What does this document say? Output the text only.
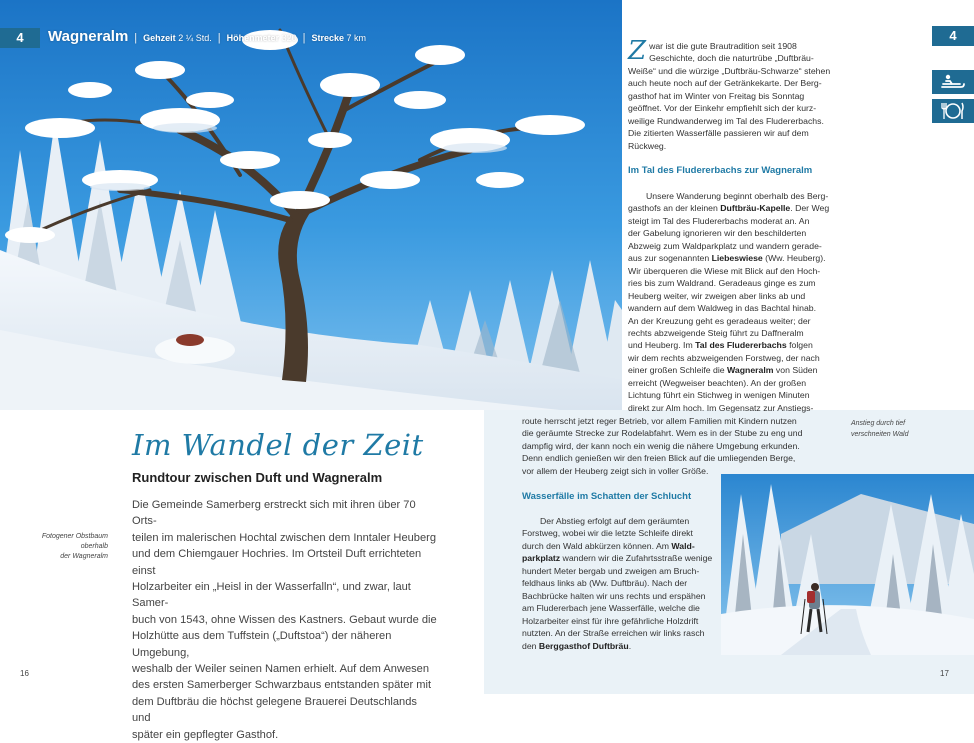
4	Wagneralm | Gehzeit 2 ¼ Std. | Höhenmeter 320 | Strecke 7 km	4
Im Wandel der Zeit
Rundtour zwischen Duft und Wagneralm
Die Gemeinde Samerberg erstreckt sich mit ihren über 70 Orts-
teilen im malerischen Hochtal zwischen dem Inntaler Heuberg
und dem Chiemgauer Hochries. Im Ortsteil Duft errichteten einst
Holzarbeiter ein „Heisl in der Wasserfalln“, und zwar, laut Samer-
buch von 1543, ohne Wissen des Kastners. Gebaut wurde die
Holzhütte aus dem Tuffstein („Duftstoa“) der näheren Umgebung,
weshalb der Weiler seinen Namen erhielt. Auf dem Anwesen
des ersten Samerberger Schwarzbaus entstanden später mit
dem Duftbräu die höchst gelegene Brauerei Deutschlands und
später ein gepflegter Gasthof.
Fotogener Obstbaum
oberhalb
der Wagneralm
16
Z war ist die gute Brautradition seit 1908
Geschichte, doch die naturtrübe „Duftbräu-
Weiße“ und die würzige „Duftbräu-Schwarze“ stehen
auch heute noch auf der Getränkekarte. Der Berg-
gasthof hat im Winter von Freitag bis Sonntag
geöffnet. Vor der Einkehr empfiehlt sich der kurz-
weilige Rundwanderweg im Tal des Fludererbachs.
Die zitierten Wasserfälle passieren wir auf dem
Rückweg.
Im Tal des Fludererbachs zur Wagneralm
Unsere Wanderung beginnt oberhalb des Berg-
gasthofs an der kleinen Duftbräu-Kapelle. Der Weg
steigt im Tal des Fludererbachs moderat an. An
der Gabelung ignorieren wir den beschilderten
Abzweig zum Waldparkplatz und wandern gerade-
aus zur sogenannten Liebeswiese (Ww. Heuberg).
Wir überqueren die Wiese mit Blick auf den Hoch-
ries bis zum Waldrand. Geradeaus ginge es zum
Heuberg weiter, wir zweigen aber links ab und
wandern auf dem Waldweg in das Bachtal hinab.
An der Kreuzung geht es geradeaus weiter; der
rechts abzweigende Steig führt zu Daffneralm
und Heuberg. Im Tal des Fludererbachs folgen
wir dem rechts abzweigenden Forstweg, der nach
einer großen Schleife die Wagneralm von Süden
erreicht (Wegweiser beachten). An der großen
Lichtung führt ein Stichweg in wenigen Minuten
direkt zur Alm hoch. Im Gegensatz zur Anstiegs-
route herrscht jetzt reger Betrieb, vor allem Familien mit Kindern nutzen
die geräumte Strecke zur Rodelabfahrt. Wem es in der Stube zu eng und
dampfig wird, der kann noch ein wenig die nähere Umgebung erkunden.
Denn endlich genießen wir den freien Blick auf die umliegenden Berge,
vor allem der Heuberg zeigt sich in voller Größe.
Anstieg durch tief
verschneiten Wald
Wasserfälle im Schatten der Schlucht
Der Abstieg erfolgt auf dem geräumten
Forstweg, wobei wir die letzte Schleife direkt
durch den Wald abkürzen können. Am Wald-
parkplatz wandern wir die Zufahrtsstraße wenige
hundert Meter bergab und zweigen am Bruch-
feldhaus links ab (Ww. Duftbräu). Nach der
Bachbrücke halten wir uns rechts und erspähen
am Fludererbach jene Wasserfälle, welche die
Holzarbeiter einst für ihre gefährliche Holzdrift
nutzten. An der Straße erreichen wir links rasch
den Berggasthof Duftbräu.
17
